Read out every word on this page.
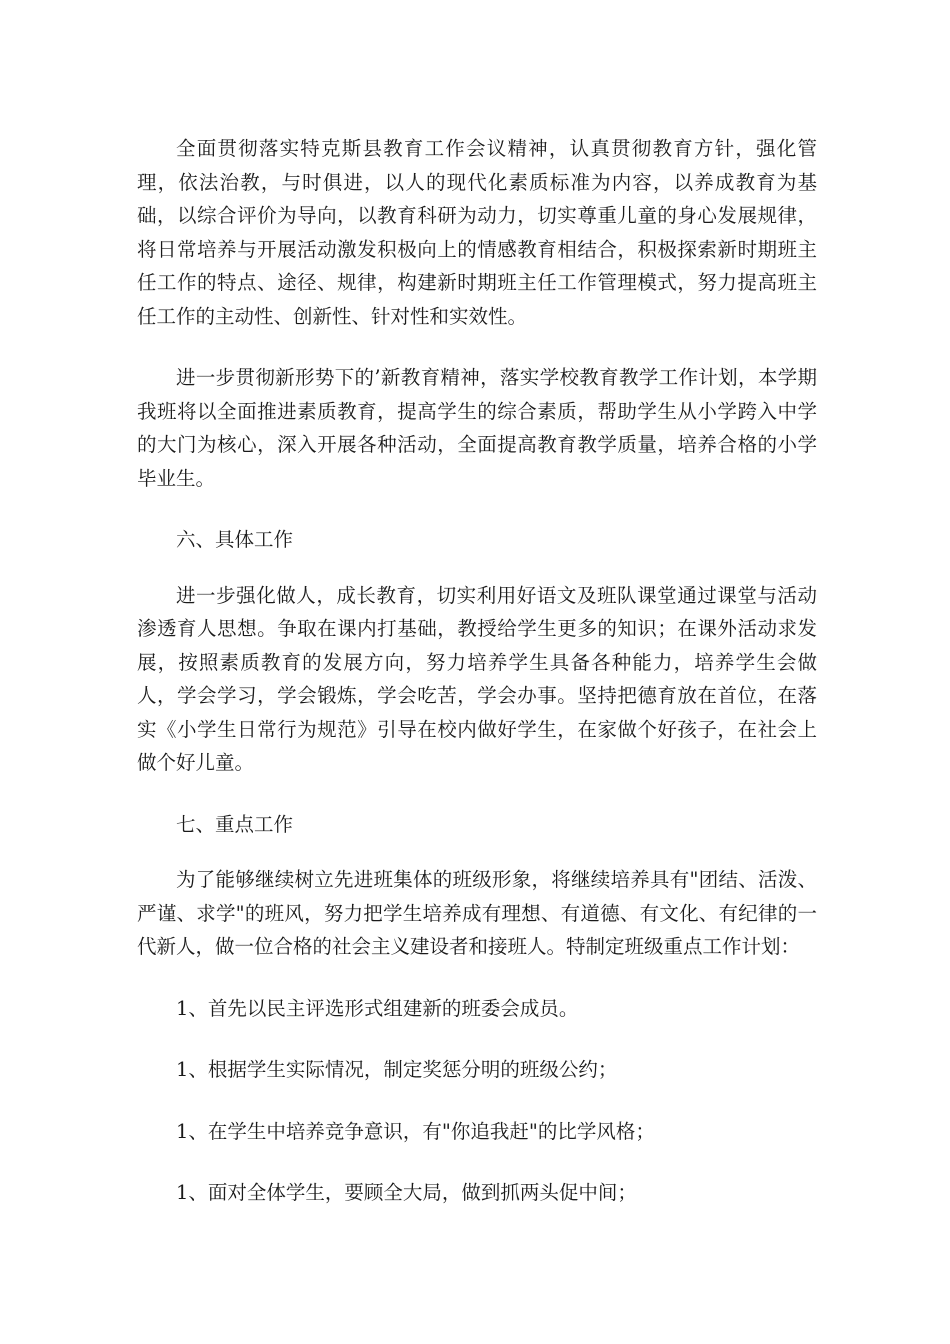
全面贯彻落实特克斯县教育工作会议精神，认真贯彻教育方针，强化管理，依法治教，与时俱进，以人的现代化素质标准为内容，以养成教育为基础，以综合评价为导向，以教育科研为动力，切实尊重儿童的身心发展规律，将日常培养与开展活动激发积极向上的情感教育相结合，积极探索新时期班主任工作的特点、途径、规律，构建新时期班主任工作管理模式，努力提高班主任工作的主动性、创新性、针对性和实效性。

进一步贯彻新形势下的’新教育精神，落实学校教育教学工作计划，本学期我班将以全面推进素质教育，提高学生的综合素质，帮助学生从小学跨入中学的大门为核心，深入开展各种活动，全面提高教育教学质量，培养合格的小学毕业生。

六、具体工作

进一步强化做人，成长教育，切实利用好语文及班队课堂通过课堂与活动渗透育人思想。争取在课内打基础，教授给学生更多的知识；在课外活动求发展，按照素质教育的发展方向，努力培养学生具备各种能力，培养学生会做人，学会学习，学会锻炼，学会吃苦，学会办事。坚持把德育放在首位，在落实《小学生日常行为规范》引导在校内做好学生，在家做个好孩子，在社会上做个好儿童。

七、重点工作

为了能够继续树立先进班集体的班级形象，将继续培养具有"团结、活泼、严谨、求学"的班风，努力把学生培养成有理想、有道德、有文化、有纪律的一代新人，做一位合格的社会主义建设者和接班人。特制定班级重点工作计划：

1、首先以民主评选形式组建新的班委会成员。

1、根据学生实际情况，制定奖惩分明的班级公约；

1、在学生中培养竞争意识，有"你追我赶"的比学风格；

1、面对全体学生，要顾全大局，做到抓两头促中间；
